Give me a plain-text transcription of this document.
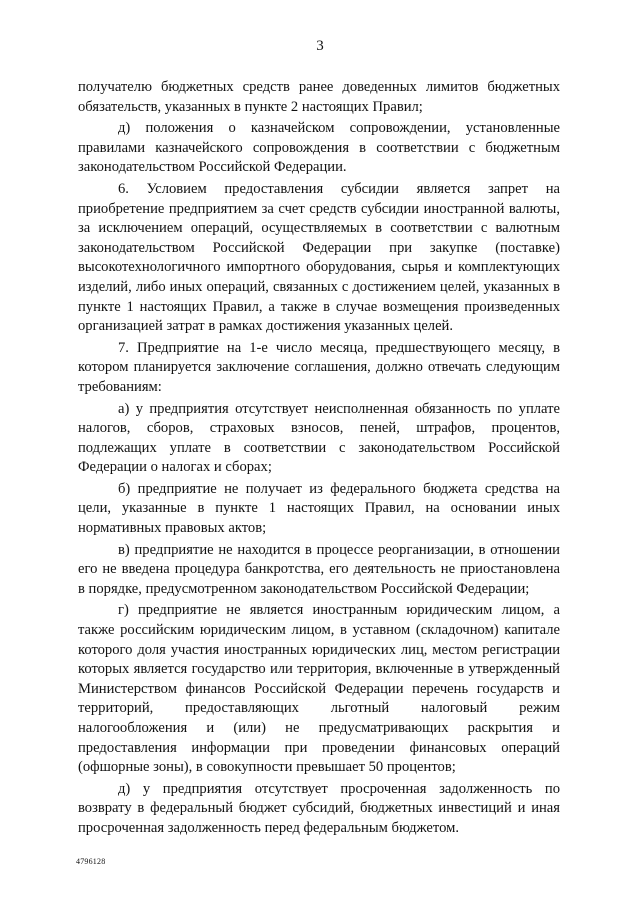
3

получателю бюджетных средств ранее доведенных лимитов бюджетных обязательств, указанных в пункте 2 настоящих Правил;

д) положения о казначейском сопровождении, установленные правилами казначейского сопровождения в соответствии с бюджетным законодательством Российской Федерации.

6. Условием предоставления субсидии является запрет на приобретение предприятием за счет средств субсидии иностранной валюты, за исключением операций, осуществляемых в соответствии с валютным законодательством Российской Федерации при закупке (поставке) высокотехнологичного импортного оборудования, сырья и комплектующих изделий, либо иных операций, связанных с достижением целей, указанных в пункте 1 настоящих Правил, а также в случае возмещения произведенных организацией затрат в рамках достижения указанных целей.

7. Предприятие на 1-е число месяца, предшествующего месяцу, в котором планируется заключение соглашения, должно отвечать следующим требованиям:

а) у предприятия отсутствует неисполненная обязанность по уплате налогов, сборов, страховых взносов, пеней, штрафов, процентов, подлежащих уплате в соответствии с законодательством Российской Федерации о налогах и сборах;

б) предприятие не получает из федерального бюджета средства на цели, указанные в пункте 1 настоящих Правил, на основании иных нормативных правовых актов;

в) предприятие не находится в процессе реорганизации, в отношении его не введена процедура банкротства, его деятельность не приостановлена в порядке, предусмотренном законодательством Российской Федерации;

г) предприятие не является иностранным юридическим лицом, а также российским юридическим лицом, в уставном (складочном) капитале которого доля участия иностранных юридических лиц, местом регистрации которых является государство или территория, включенные в утвержденный Министерством финансов Российской Федерации перечень государств и территорий, предоставляющих льготный налоговый режим налогообложения и (или) не предусматривающих раскрытия и предоставления информации при проведении финансовых операций (офшорные зоны), в совокупности превышает 50 процентов;

д) у предприятия отсутствует просроченная задолженность по возврату в федеральный бюджет субсидий, бюджетных инвестиций и иная просроченная задолженность перед федеральным бюджетом.

4796128
